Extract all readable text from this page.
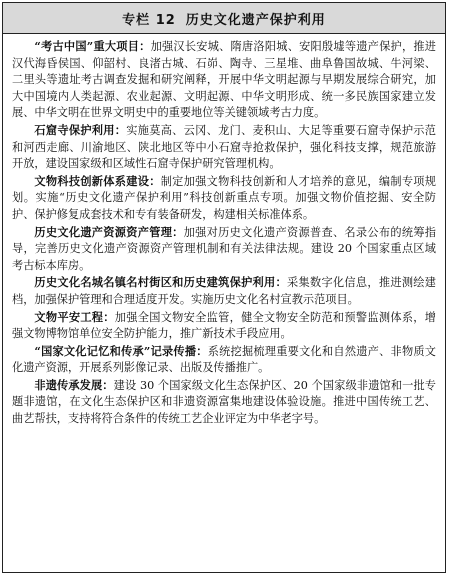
专栏 12 历史文化遗产保护利用

“考古中国”重大项目：加强汉长安城、隋唐洛阳城、安阳殷墟等遗产保护，推进汉代海昏侯国、仰韶村、良渚古城、石峁、陶寺、三星堆、曲阜鲁国故城、牛河梁、二里头等遗址考古调查发掘和研究阐释，开展中华文明起源与早期发展综合研究，加大中国境内人类起源、农业起源、文明起源、中华文明形成、统一多民族国家建立发展、中华文明在世界文明史中的重要地位等关键领域考古力度。

石窟寺保护利用：实施莫高、云冈、龙门、麦积山、大足等重要石窟寺保护示范和河西走廊、川渝地区、陕北地区等中小石窟寺抢救保护，强化科技支撑，规范旅游开放，建设国家级和区域性石窟寺保护研究管理机构。

文物科技创新体系建设：制定加强文物科技创新和人才培养的意见，编制专项规划。实施“历史文化遗产保护利用”科技创新重点专项。加强文物价值挖掘、安全防护、保护修复成套技术和专有装备研发，构建相关标准体系。

历史文化遗产资源资产管理：加强对历史文化遗产资源普查、名录公布的统筹指导，完善历史文化遗产资源资产管理机制和有关法律法规。建设 20 个国家重点区域考古标本库房。

历史文化名城名镇名村街区和历史建筑保护利用：采集数字化信息，推进测绘建档，加强保护管理和合理适度开发。实施历史文化名村宣教示范项目。

文物平安工程：加强全国文物安全监管，健全文物安全防范和预警监测体系，增强文物博物馆单位安全防护能力，推广新技术手段应用。

“国家文化记忆和传承”记录传播：系统挖掘梳理重要文化和自然遗产、非物质文化遗产资源，开展系列影像记录、出版及传播推广。

非遗传承发展：建设 30 个国家级文化生态保护区、20 个国家级非遗馆和一批专题非遗馆，在文化生态保护区和非遗资源富集地建设体验设施。推进中国传统工艺、曲艺帮扶，支持将符合条件的传统工艺企业评定为中华老字号。
